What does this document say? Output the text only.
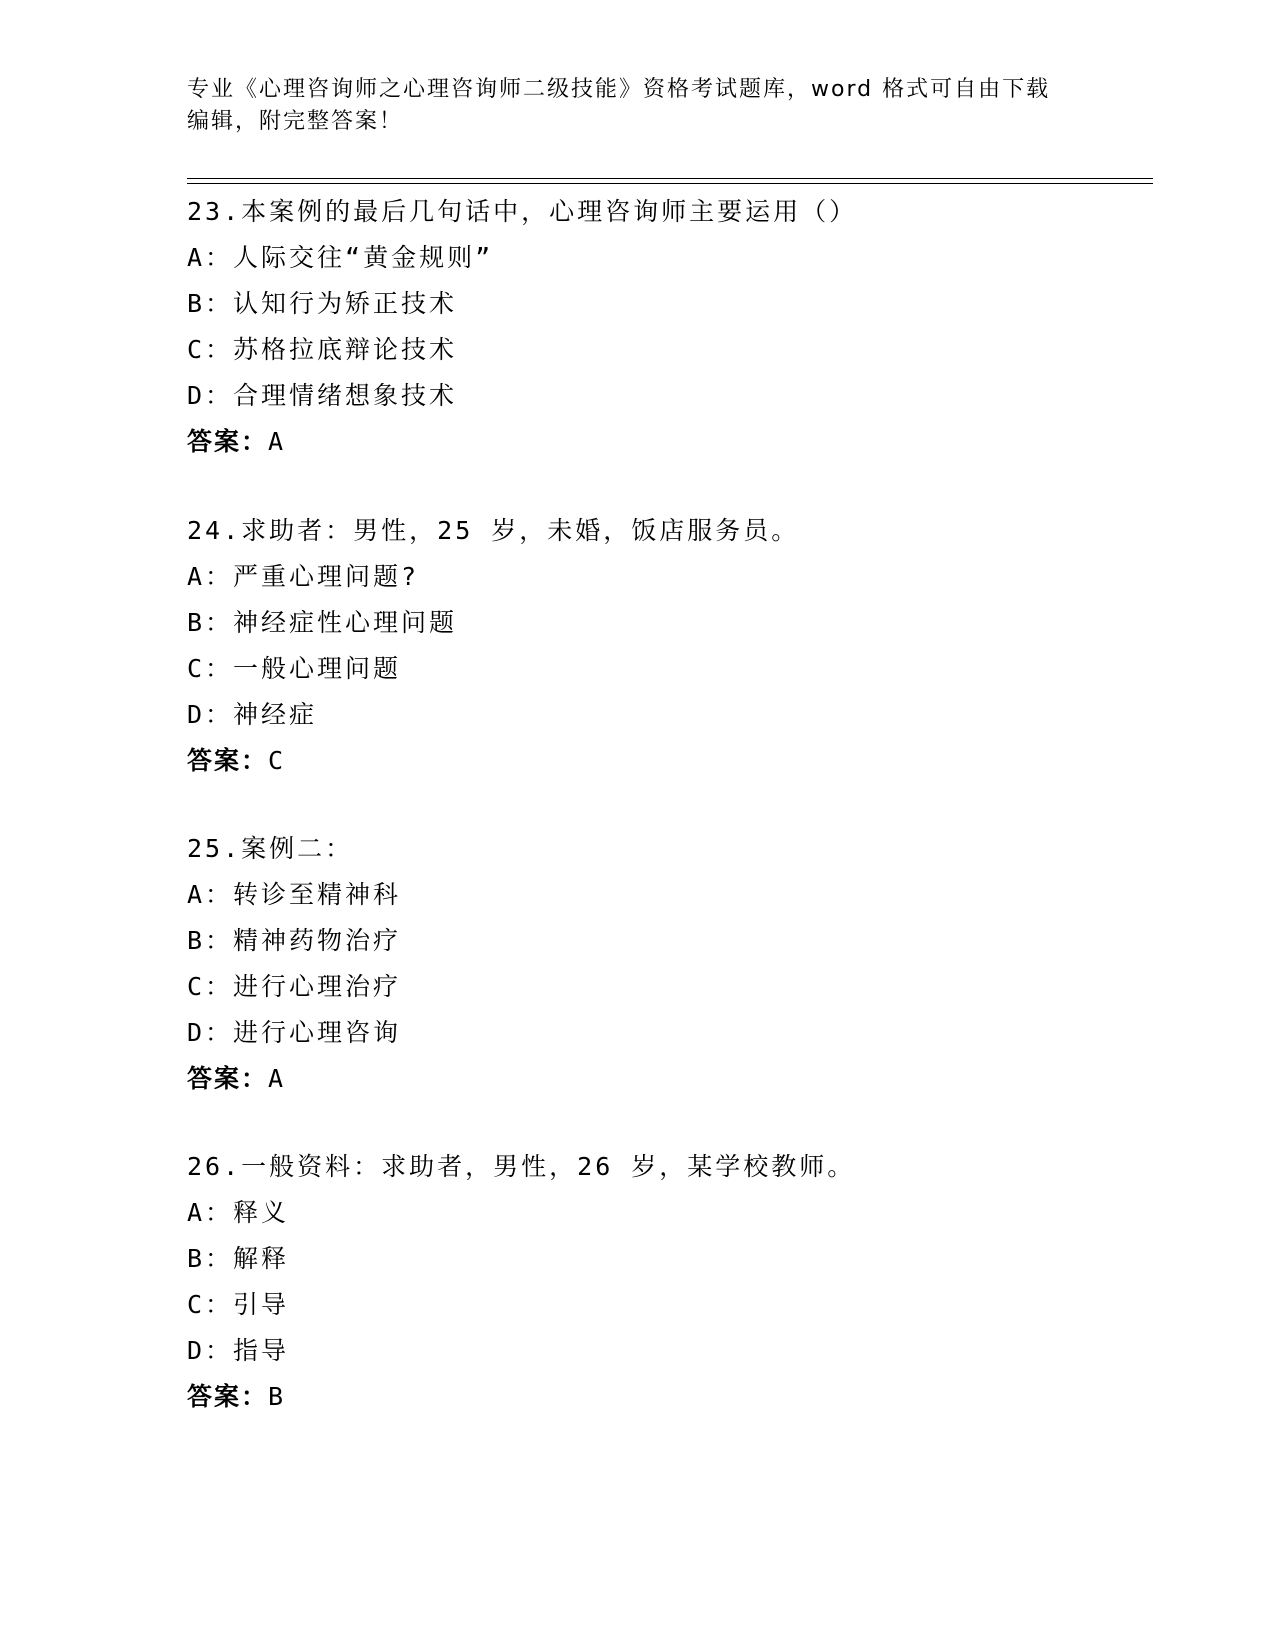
专业《心理咨询师之心理咨询师二级技能》资格考试题库，word 格式可自由下载
编辑，附完整答案！
23.本案例的最后几句话中，心理咨询师主要运用（）
A：人际交往“黄金规则”
B：认知行为矫正技术
C：苏格拉底辩论技术
D：合理情绪想象技术
答案：A
24.求助者：男性，25 岁，未婚，饭店服务员。
A：严重心理问题?
B：神经症性心理问题
C：一般心理问题
D：神经症
答案：C
25.案例二：
A：转诊至精神科
B：精神药物治疗
C：进行心理治疗
D：进行心理咨询
答案：A
26.一般资料：求助者，男性，26 岁，某学校教师。
A：释义
B：解释
C：引导
D：指导
答案：B
